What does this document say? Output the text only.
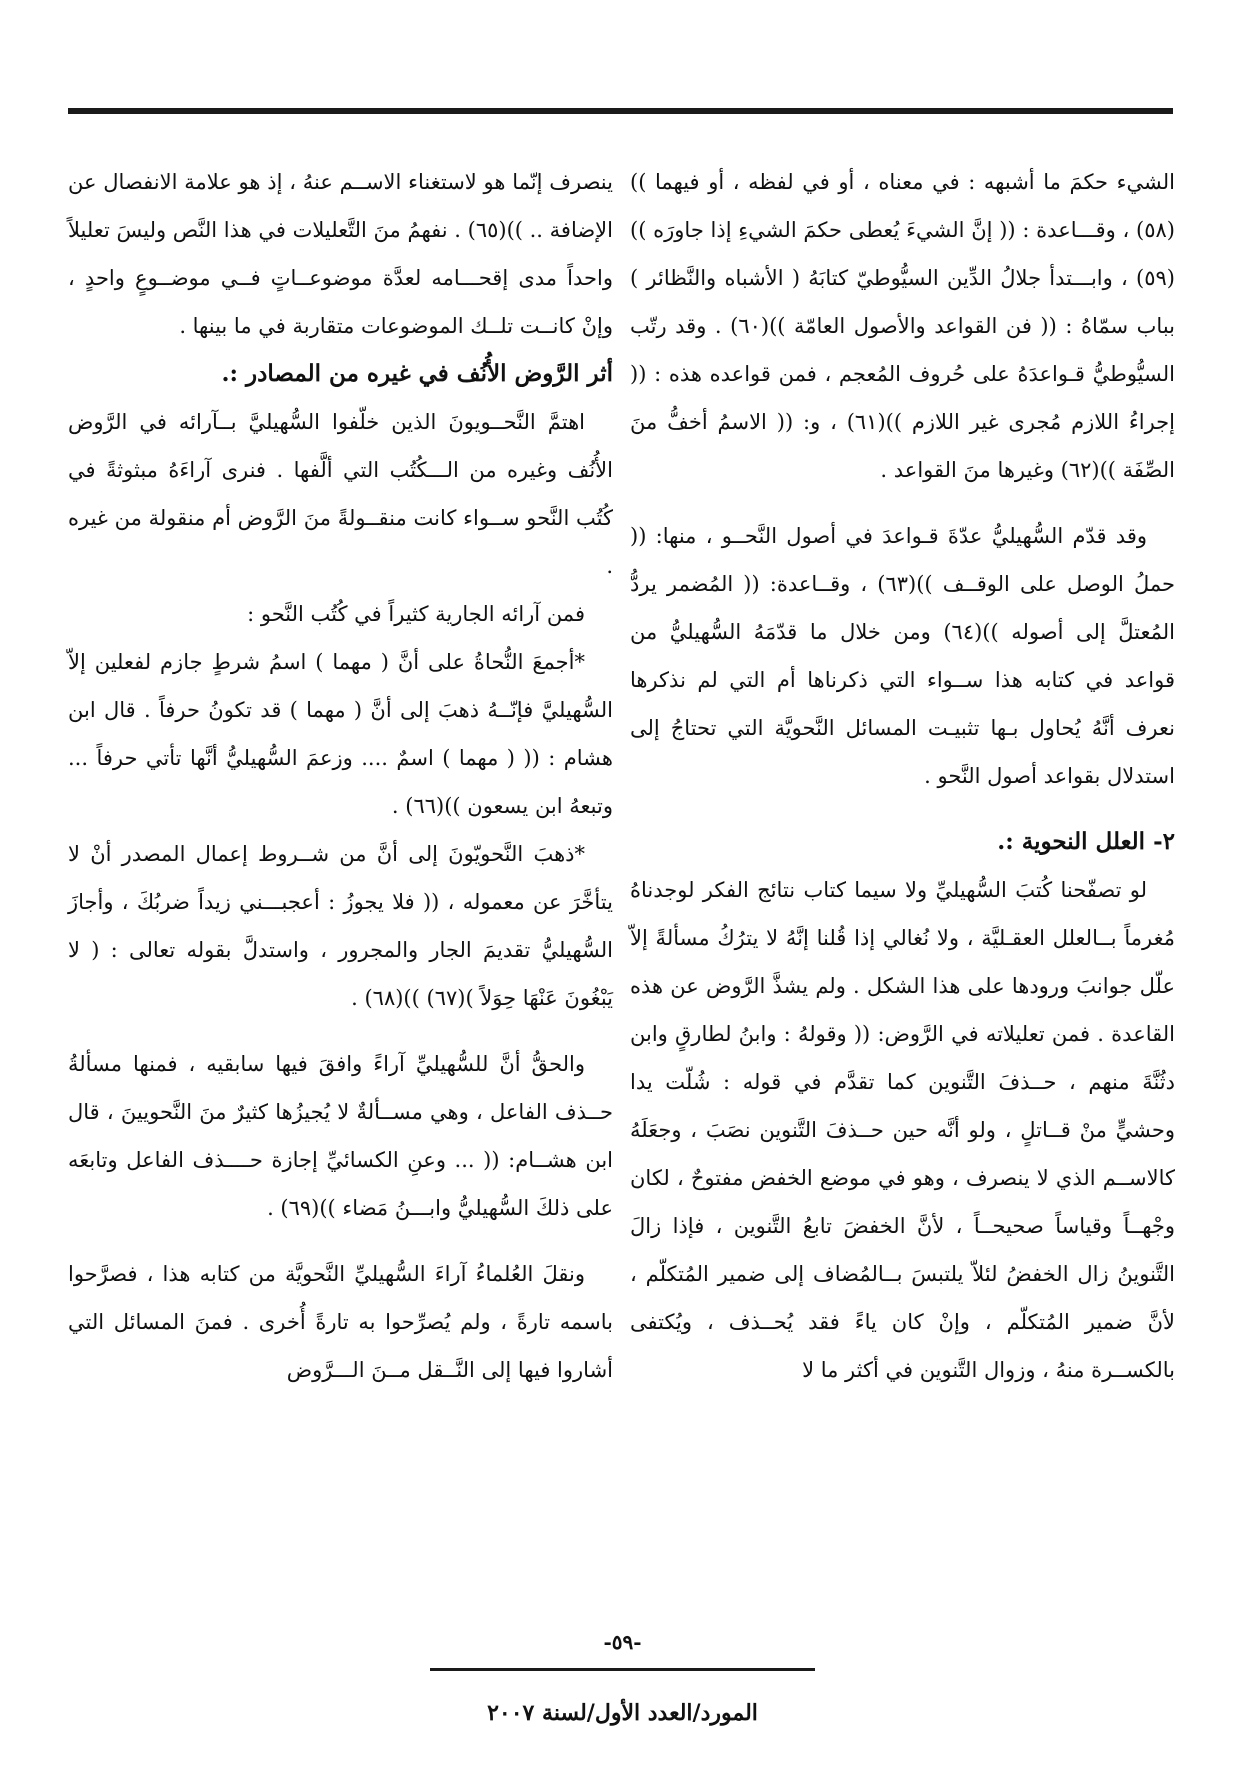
الشيء حكمَ ما أشبهه : في معناه ، أو في لفظه ، أو فيهما ))(٥٨) ، وقـــاعدة : (( إنَّ الشيءَ يُعطى حكمَ الشيءِ إذا جاورَه ))(٥٩) ، وابـــتدأ جلالُ الدِّين السيُّوطيّ كتابَهُ ( الأشباه والنَّظائر ) بباب سمّاهُ : (( فن القواعد والأصول العامّة ))(٦٠) . وقد رتّب السيُّوطيُّ قـواعدَهُ على حُروف المُعجم ، فمن قواعده هذه : (( إجراءُ اللازم مُجرى غير اللازم ))(٦١) ، و: (( الاسمُ أخفُّ منَ الصِّفَة ))(٦٢) وغيرها منَ القواعد .

وقد قدّم السُّهيليُّ عدّةَ قـواعدَ في أصول النَّحــو ، منها: (( حملُ الوصل على الوقــف ))(٦٣) ، وقــاعدة: (( المُضمر يردُّ المُعتلَّ إلى أصوله ))(٦٤) ومن خلال ما قدّمَهُ السُّهيليُّ من قواعد في كتابه هذا ســواء التي ذكرناها أم التي لم نذكرها نعرف أنَّهُ يُحاول بـها تثبيـت المسائل النَّحويَّة التي تحتاجُ إلى استدلال بقواعد أصول النَّحو .

٢- العلل النحوية :.

لو تصفّحنا كُتبَ السُّهيليِّ ولا سيما كتاب نتائج الفكر لوجدناهُ مُغرماً بــالعلل العقـليَّة ، ولا نُغالي إذا قُلنا إنَّهُ لا يترُكُ مسألةً إلاّ علّل جوانبَ ورودها على هذا الشكل . ولم يشذَّ الرَّوض عن هذه القاعدة . فمن تعليلاته في الرَّوض: (( وقولهُ : وابنُ لطارقٍ وابن دثُنَّةَ منهم ، حــذفَ التَّنوين كما تقدَّم في قوله : شُلّت يدا وحشيٍّ منْ قــاتلٍ ، ولو أنَّه حين حــذفَ التَّنوين نصَبَ ، وجعَلَهُ كالاســم الذي لا ينصرف ، وهو في موضع الخفض مفتوحٌ ، لكان وجْهــاً وقياساً صحيحــاً ، لأنَّ الخفضَ تابعُ التَّنوين ، فإذا زالَ التَّنوينُ زال الخفضُ لئلاّ يلتبسَ بــالمُضاف إلى ضمير المُتكلّم ، لأنَّ ضمير المُتكلّم ، وإنْ كان ياءً فقد يُحــذف ، ويُكتفى بالكســرة منهُ ، وزوال التَّنوين في أكثر ما لا

ينصرف إنّما هو لاستغناء الاســم عنهُ ، إذ هو علامة الانفصال عن الإضافة .. ))(٦٥) . نفهمُ منَ التَّعليلات في هذا النَّص وليسَ تعليلاً واحداً مدى إقحـــامه لعدَّة موضوعــاتٍ فــي موضــوعٍ واحدٍ ، وإنْ كانــت تلــك الموضوعات متقاربة في ما بينها .

أثر الرَّوض الأُنُف في غيره من المصادر :.

اهتمَّ النَّحــويونَ الذين خلّفوا السُّهيليَّ بــآرائه في الرَّوض الأُنُف وغيره من الـــكُتُب التي ألَّفها . فنرى آراءَهُ مبثوثةً في كُتُب النَّحو ســواء كانت منقــولةً منَ الرَّوض أم منقولة من غيره .

فمن آرائه الجارية كثيراً في كُتُب النَّحو :

*أجمعَ النُّحاةُ على أنَّ ( مهما ) اسمُ شرطٍ جازم لفعلين إلاّ السُّهيليَّ فإنّــهُ ذهبَ إلى أنَّ ( مهما ) قد تكونُ حرفاً . قال ابن هشام : (( ( مهما ) اسمٌ .... وزعمَ السُّهيليُّ أنَّها تأتي حرفاً ... وتبعهُ ابن يسعون ))(٦٦) .

*ذهبَ النَّحويّونَ إلى أنَّ من شــروط إعمال المصدر أنْ لا يتأخَّرَ عن معموله ، (( فلا يجوزُ : أعجبـــني زيداً ضربُكَ ، وأجازَ السُّهيليُّ تقديمَ الجار والمجرور ، واستدلَّ بقوله تعالى : ( لا يَبْغُونَ عَنْهَا حِوَلاً )(٦٧) ))(٦٨) .

والحقُّ أنَّ للسُّهيليِّ آراءً وافقَ فيها سابقيه ، فمنها مسألةُ حــذف الفاعل ، وهي مســألةٌ لا يُجيزُها كثيرٌ منَ النَّحويينَ ، قال ابن هشــام: (( ... وعنِ الكسائيِّ إجازة حــــذف الفاعل وتابعَه على ذلكَ السُّهيليُّ وابـــنُ مَضاء ))(٦٩) .

ونقلَ العُلماءُ آراءَ السُّهيليِّ النَّحويَّة من كتابه هذا ، فصرَّحوا باسمه تارةً ، ولم يُصرِّحوا به تارةً أُخرى . فمنَ المسائل التي أشاروا فيها إلى النَّــقل مــنَ الـــرَّوض

-٥٩-
المورد/العدد الأول/لسنة ٢٠٠٧
